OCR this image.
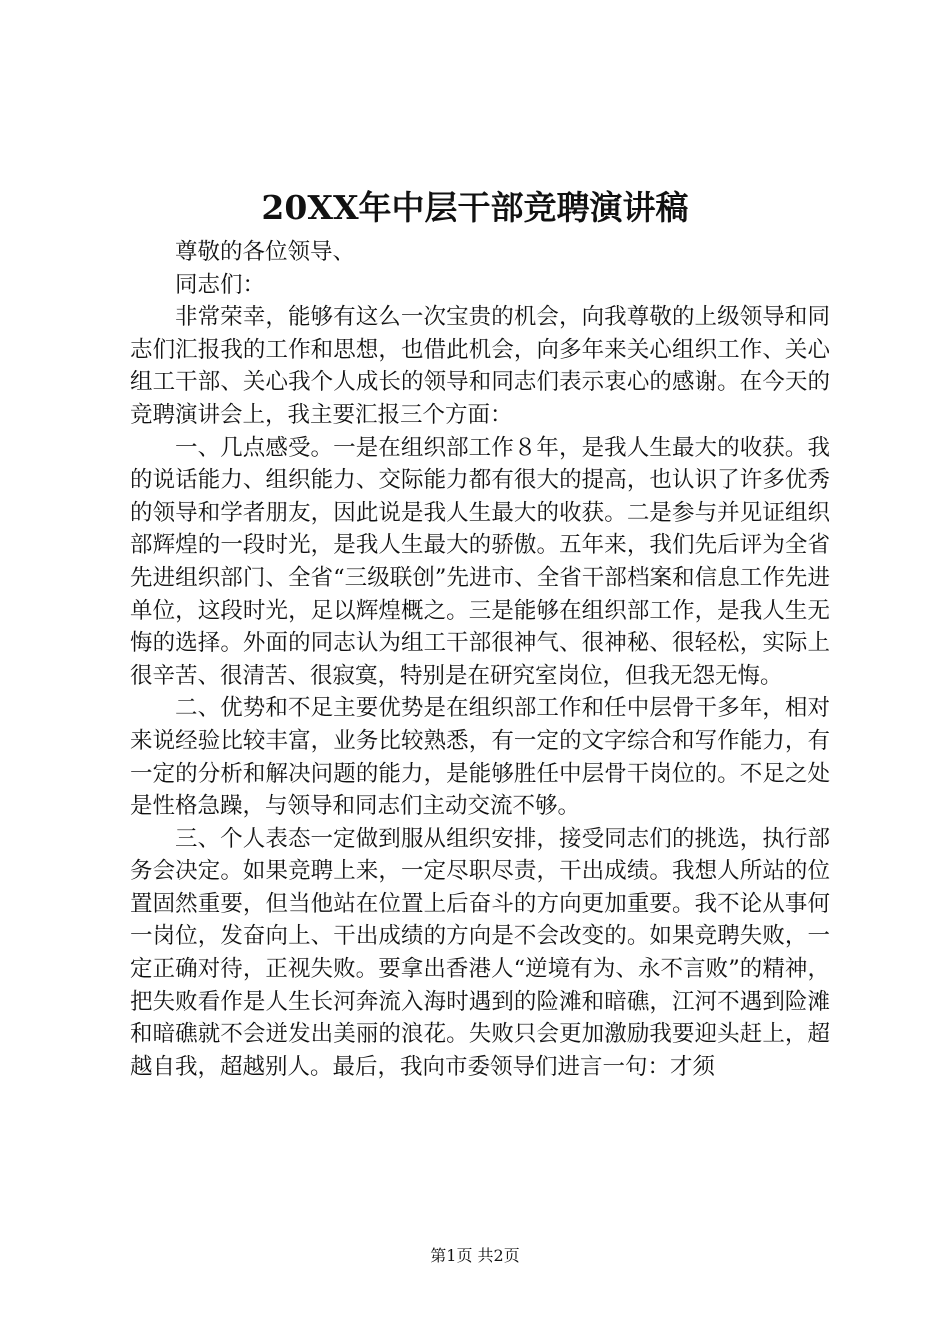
20XX年中层干部竞聘演讲稿

尊敬的各位领导、

同志们：

非常荣幸，能够有这么一次宝贵的机会，向我尊敬的上级领导和同志们汇报我的工作和思想，也借此机会，向多年来关心组织工作、关心组工干部、关心我个人成长的领导和同志们表示衷心的感谢。在今天的竞聘演讲会上，我主要汇报三个方面：

一、几点感受。一是在组织部工作８年，是我人生最大的收获。我的说话能力、组织能力、交际能力都有很大的提高，也认识了许多优秀的领导和学者朋友，因此说是我人生最大的收获。二是参与并见证组织部辉煌的一段时光，是我人生最大的骄傲。五年来，我们先后评为全省先进组织部门、全省“三级联创”先进市、全省干部档案和信息工作先进单位，这段时光，足以辉煌概之。三是能够在组织部工作，是我人生无悔的选择。外面的同志认为组工干部很神气、很神秘、很轻松，实际上很辛苦、很清苦、很寂寞，特别是在研究室岗位，但我无怨无悔。

二、优势和不足主要优势是在组织部工作和任中层骨干多年，相对来说经验比较丰富，业务比较熟悉，有一定的文字综合和写作能力，有一定的分析和解决问题的能力，是能够胜任中层骨干岗位的。不足之处是性格急躁，与领导和同志们主动交流不够。

三、个人表态一定做到服从组织安排，接受同志们的挑选，执行部务会决定。如果竞聘上来，一定尽职尽责，干出成绩。我想人所站的位置固然重要，但当他站在位置上后奋斗的方向更加重要。我不论从事何一岗位，发奋向上、干出成绩的方向是不会改变的。如果竞聘失败，一定正确对待，正视失败。要拿出香港人“逆境有为、永不言败”的精神，把失败看作是人生长河奔流入海时遇到的险滩和暗礁，江河不遇到险滩和暗礁就不会迸发出美丽的浪花。失败只会更加激励我要迎头赶上，超越自我，超越别人。最后，我向市委领导们进言一句：才须

第1页 共2页
